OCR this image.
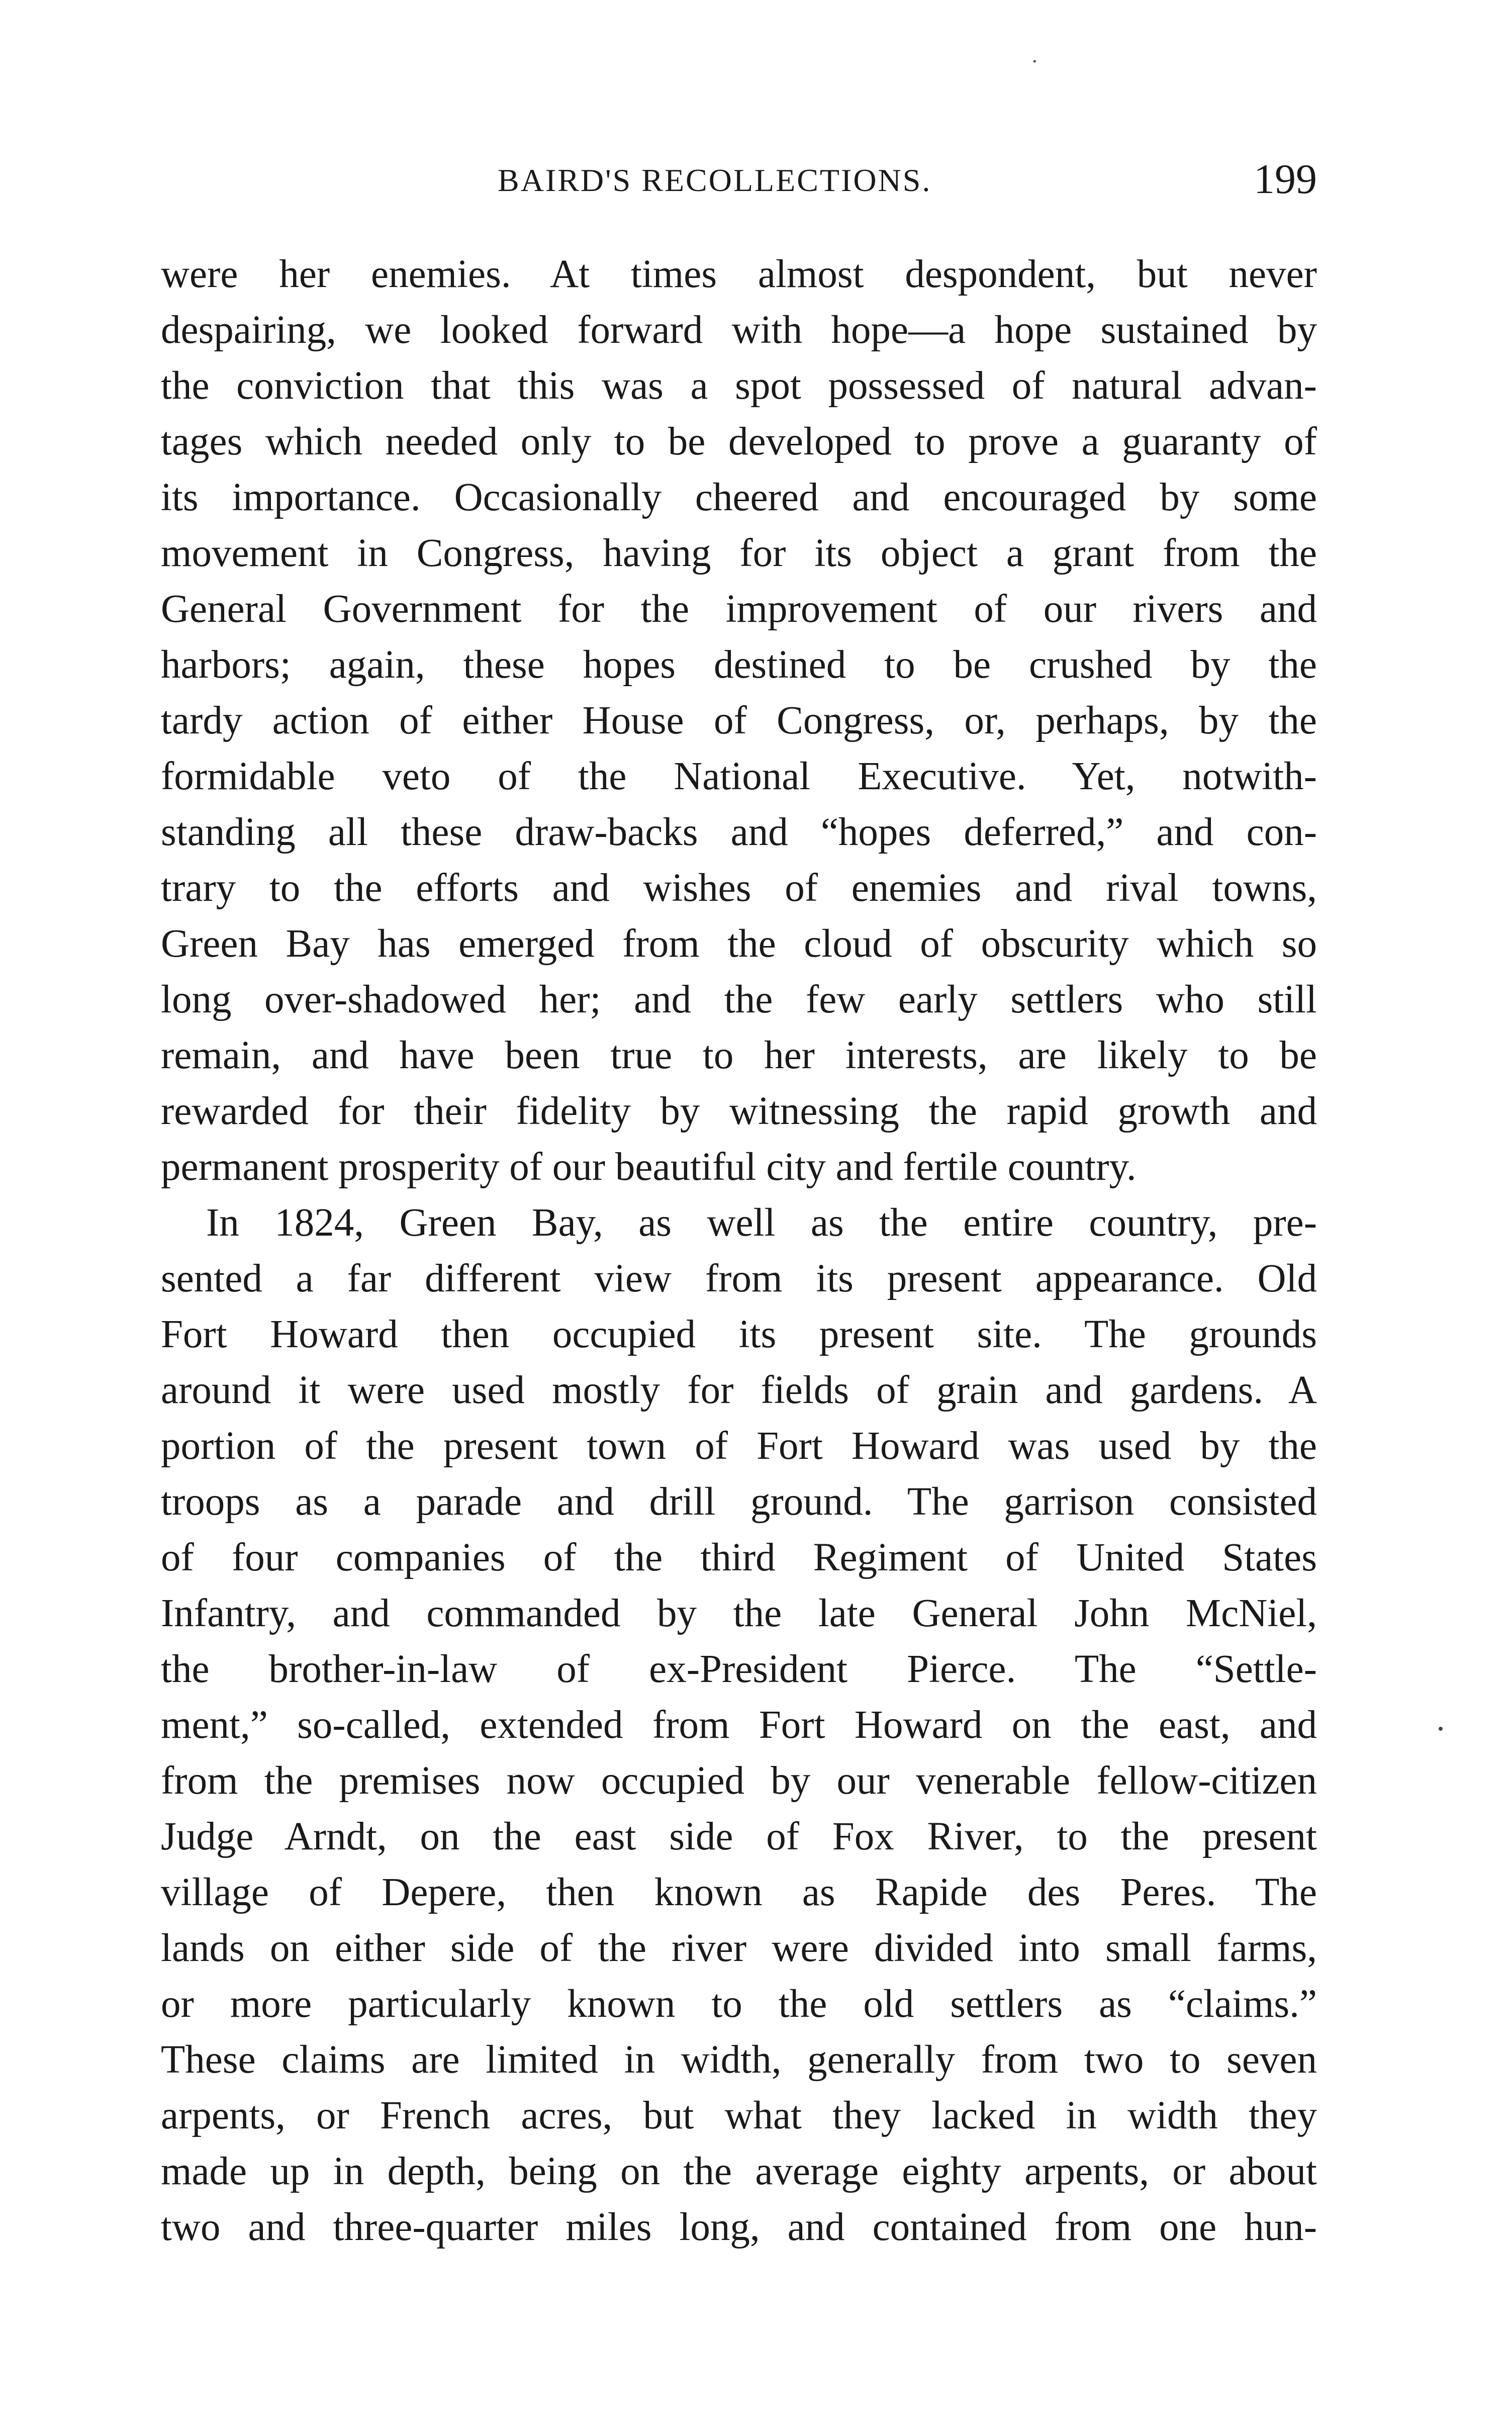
·
BAIRD'S RECOLLECTIONS.	199
were her enemies. At times almost despondent, but never
despairing, we looked forward with hope—a hope sustained by
the conviction that this was a spot possessed of natural advan-
tages which needed only to be developed to prove a guaranty of
its importance. Occasionally cheered and encouraged by some
movement in Congress, having for its object a grant from the
General Government for the improvement of our rivers and
harbors; again, these hopes destined to be crushed by the
tardy action of either House of Congress, or, perhaps, by the
formidable veto of the National Executive. Yet, notwith-
standing all these draw-backs and “hopes deferred,” and con-
trary to the efforts and wishes of enemies and rival towns,
Green Bay has emerged from the cloud of obscurity which so
long over-shadowed her; and the few early settlers who still
remain, and have been true to her interests, are likely to be
rewarded for their fidelity by witnessing the rapid growth and
permanent prosperity of our beautiful city and fertile country.
In 1824, Green Bay, as well as the entire country, pre-
sented a far different view from its present appearance. Old
Fort Howard then occupied its present site. The grounds
around it were used mostly for fields of grain and gardens. A
portion of the present town of Fort Howard was used by the
troops as a parade and drill ground. The garrison consisted
of four companies of the third Regiment of United States
Infantry, and commanded by the late General John McNiel,
the brother-in-law of ex-President Pierce. The “Settle-
ment,” so-called, extended from Fort Howard on the east, and
from the premises now occupied by our venerable fellow-citizen
Judge Arndt, on the east side of Fox River, to the present
village of Depere, then known as Rapide des Peres. The
lands on either side of the river were divided into small farms,
or more particularly known to the old settlers as “claims.”
These claims are limited in width, generally from two to seven
arpents, or French acres, but what they lacked in width they
made up in depth, being on the average eighty arpents, or about
two and three-quarter miles long, and contained from one hun-
